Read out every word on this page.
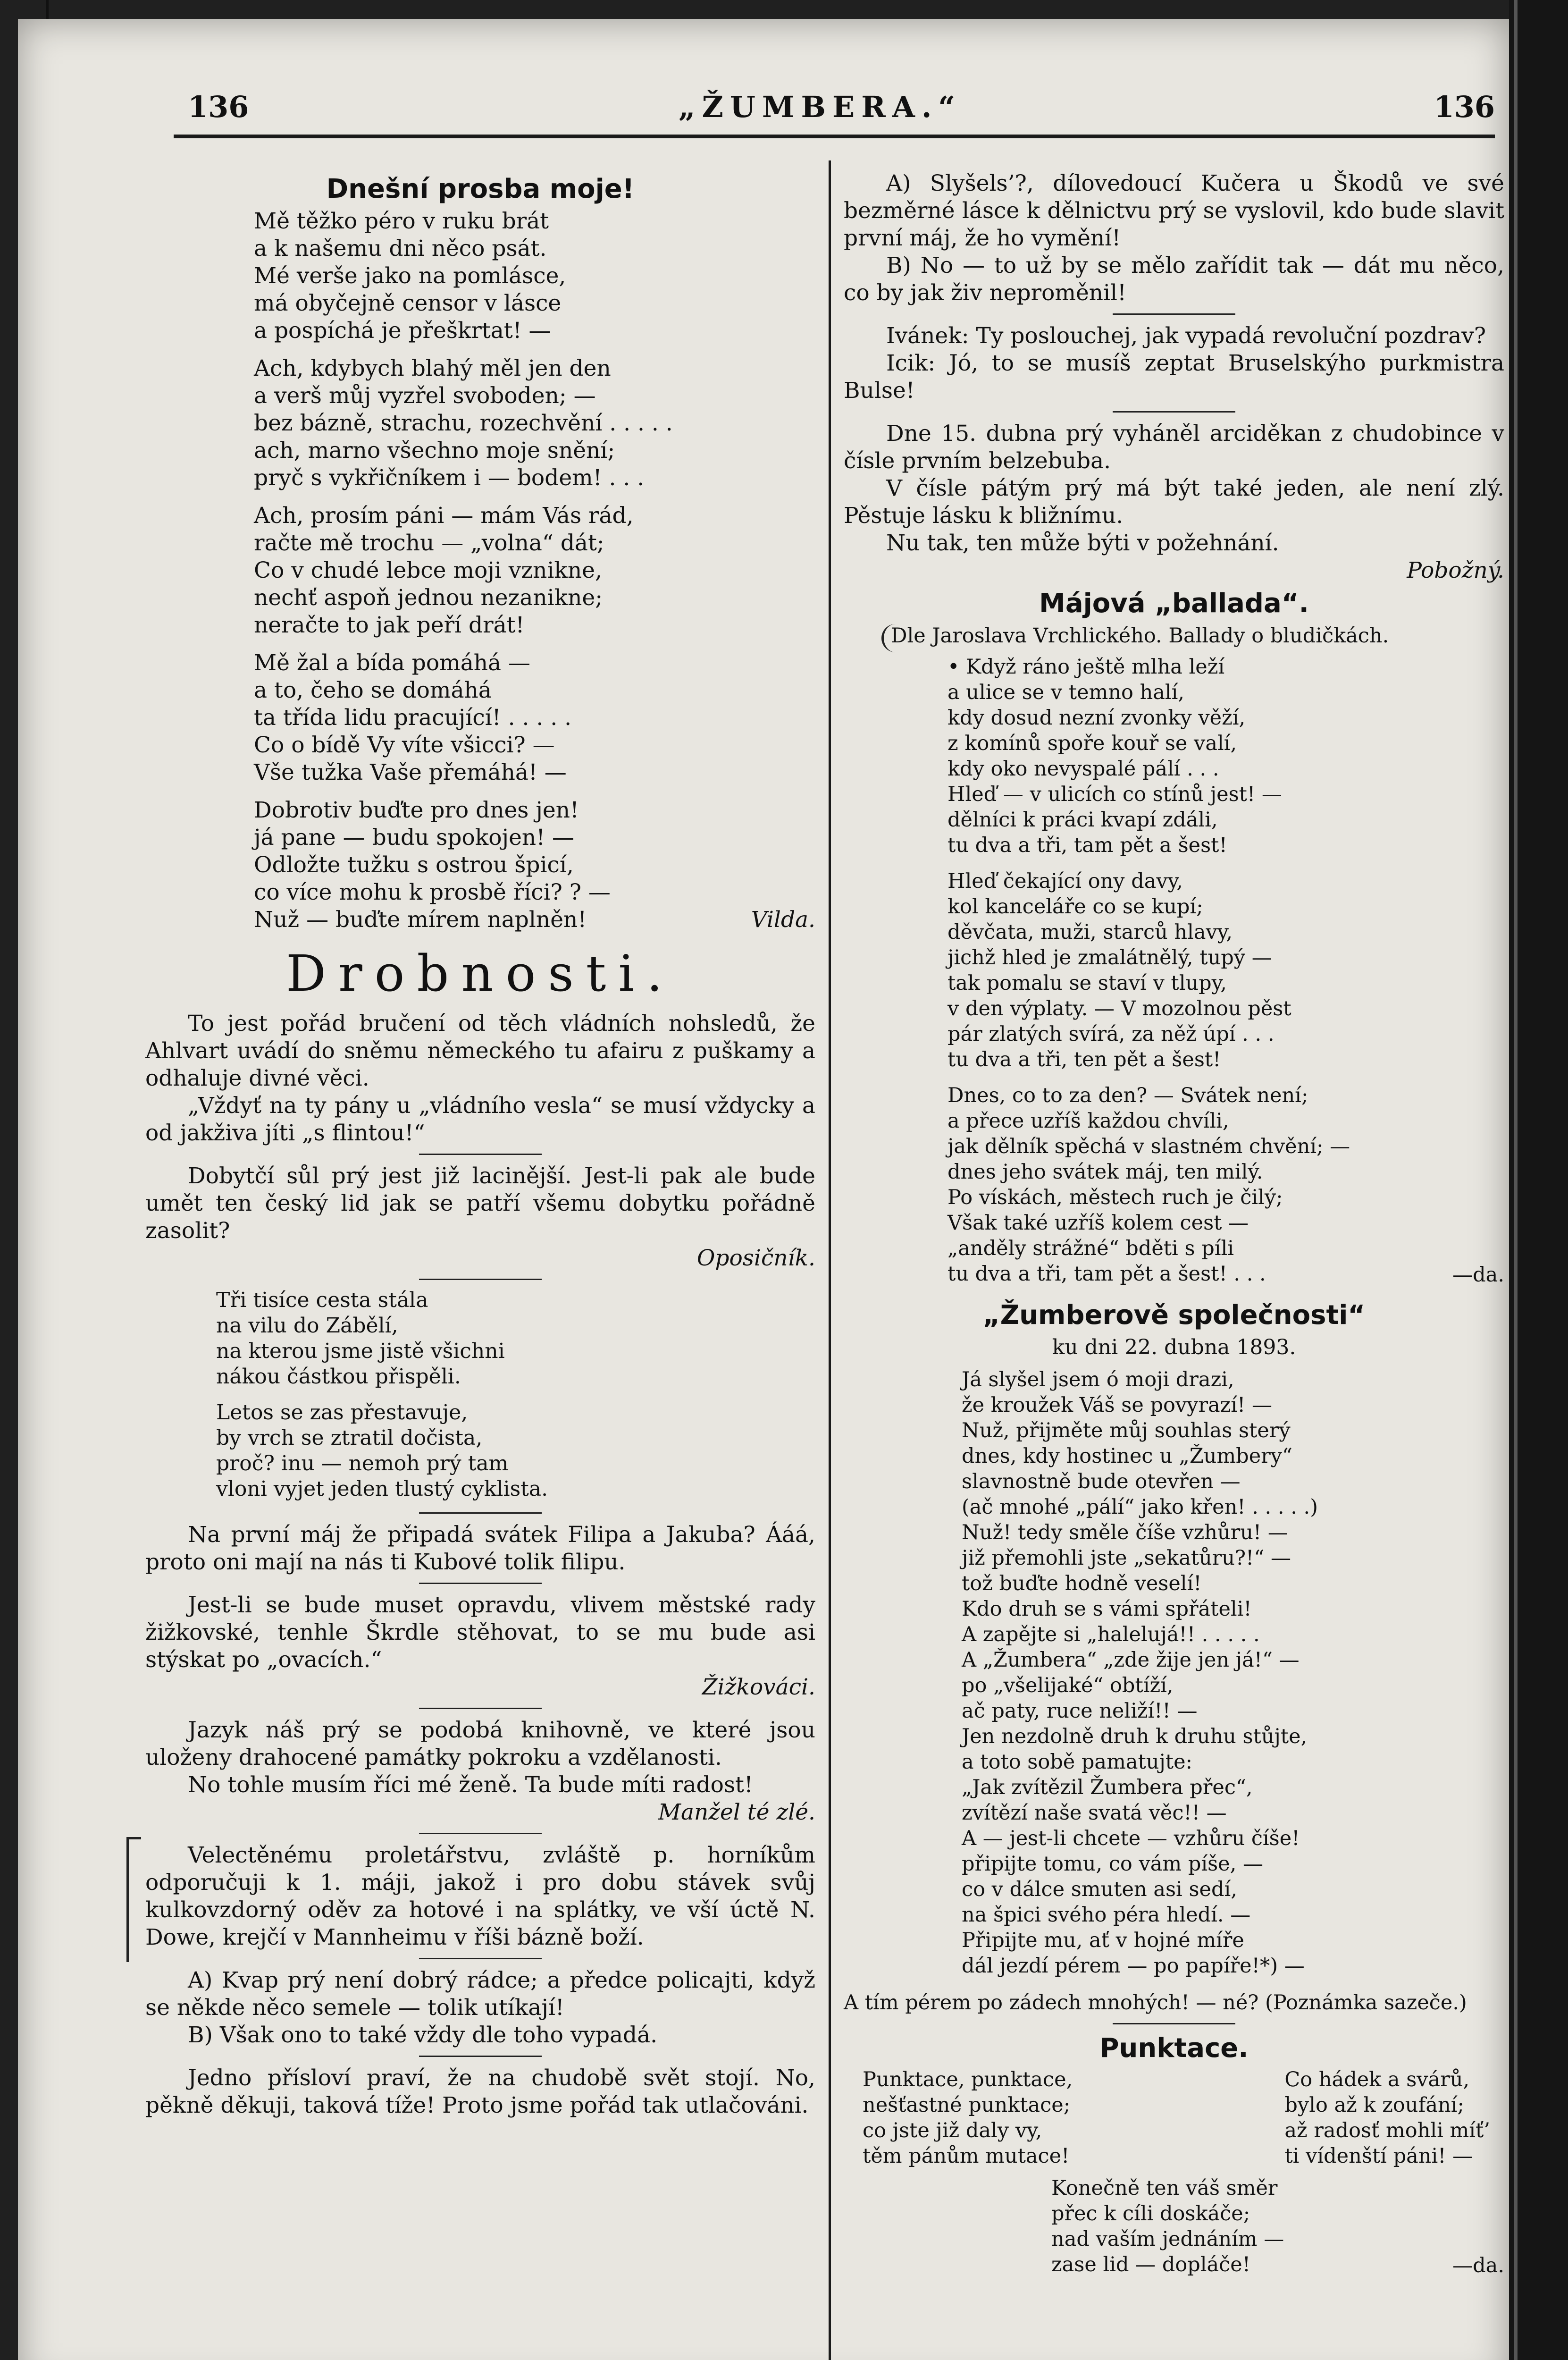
136	„ŽUMBERA.“	136
Dnešní prosba moje!
Mě těžko péro v ruku brát
a k našemu dni něco psát.
Mé verše jako na pomlásce,
má obyčejně censor v lásce
a pospíchá je přeškrtat! —
Ach, kdybych blahý měl jen den
a verš můj vyzřel svoboden; —
bez bázně, strachu, rozechvění . . . . .
ach, marno všechno moje snění;
pryč s vykřičníkem i — bodem! . . .
Ach, prosím páni — mám Vás rád,
račte mě trochu — „volna“ dát;
Co v chudé lebce moji vznikne,
nechť aspoň jednou nezanikne;
neračte to jak peří drát!
Mě žal a bída pomáhá —
a to, čeho se domáhá
ta třída lidu pracující! . . . . .
Co o bídě Vy víte všicci? —
Vše tužka Vaše přemáhá! —
Dobrotiv buďte pro dnes jen!
já pane — budu spokojen! —
Odložte tužku s ostrou špicí,
co více mohu k prosbě říci? ? —
Nuž — buďte mírem naplněn!	Vilda.
Drobnosti.

To jest pořád bručení od těch vládních nohsledů, že Ahlvart uvádí do sněmu německého tu afairu z puškamy a odhaluje divné věci.

„Vždyť na ty pány u „vládního vesla“ se musí vždycky a od jakživa jíti „s flintou!“

Dobytčí sůl prý jest již lacinější. Jest-li pak ale bude umět ten český lid jak se patří všemu dobytku pořádně zasolit?

Oposičník.
Tři tisíce cesta stála
na vilu do Zábělí,
na kterou jsme jistě všichni
nákou částkou přispěli.
Letos se zas přestavuje,
by vrch se ztratil dočista,
proč? inu — nemoh prý tam
vloni vyjet jeden tlustý cyklista.

Na první máj že připadá svátek Filipa a Jakuba? Ááá, proto oni mají na nás ti Kubové tolik filipu.

Jest-li se bude muset opravdu, vlivem městské rady žižkovské, tenhle Škrdle stěhovat, to se mu bude asi stýskat po „ovacích.“

Žižkováci.

Jazyk náš prý se podobá knihovně, ve které jsou uloženy drahocené památky pokroku a vzdělanosti.

No tohle musím říci mé ženě. Ta bude míti radost!

Manžel té zlé.

Velectěnému proletářstvu, zvláště p. horníkům odporučuji k 1. máji, jakož i pro dobu stávek svůj kulkovzdorný oděv za hotové i na splátky, ve vší úctě N. Dowe, krejčí v Mannheimu v říši bázně boží.

A) Kvap prý není dobrý rádce; a předce policajti, když se někde něco semele — tolik utíkají!

B) Však ono to také vždy dle toho vypadá.

Jedno přísloví praví, že na chudobě svět stojí. No, pěkně děkuji, taková tíže! Proto jsme pořád tak utlačováni.

A) Slyšels’?, dílovedoucí Kučera u Škodů ve své bezměrné lásce k dělnictvu prý se vyslovil, kdo bude slavit první máj, že ho vymění!

B) No — to už by se mělo zařídit tak — dát mu něco, co by jak živ neproměnil!

Ivánek: Ty poslouchej, jak vypadá revoluční pozdrav?

Icik: Jó, to se musíš zeptat Bruselskýho purkmistra Bulse!

Dne 15. dubna prý vyháněl arciděkan z chudobince v čísle prvním belzebuba.

V čísle pátým prý má být také jeden, ale není zlý. Pěstuje lásku k bližnímu.

Nu tak, ten může býti v požehnání.

Pobožný.
Májová „ballada“.
Dle Jaroslava Vrchlického. Ballady o bludičkách.
• Když ráno ještě mlha leží
a ulice se v temno halí,
kdy dosud nezní zvonky věží,
z komínů spoře kouř se valí,
kdy oko nevyspalé pálí . . .
Hleď — v ulicích co stínů jest! —
dělníci k práci kvapí zdáli,
tu dva a tři, tam pět a šest!
Hleď čekající ony davy,
kol kanceláře co se kupí;
děvčata, muži, starců hlavy,
jichž hled je zmalátnělý, tupý —
tak pomalu se staví v tlupy,
v den výplaty. — V mozolnou pěst
pár zlatých svírá, za něž úpí . . .
tu dva a tři, ten pět a šest!
Dnes, co to za den? — Svátek není;
a přece uzříš každou chvíli,
jak dělník spěchá v slastném chvění; —
dnes jeho svátek máj, ten milý.
Po vískách, městech ruch je čilý;
Však také uzříš kolem cest —
„anděly strážné“ bděti s píli
tu dva a tři, tam pět a šest! . . .	—da.
„Žumberově společnosti“
ku dni 22. dubna 1893.
Já slyšel jsem ó moji drazi,
že kroužek Váš se povyrazí! —
Nuž, přijměte můj souhlas sterý
dnes, kdy hostinec u „Žumbery“
slavnostně bude otevřen —
(ač mnohé „pálí“ jako křen! . . . . .)
Nuž! tedy směle číše vzhůru! —
již přemohli jste „sekatůru?!“ —
tož buďte hodně veselí!
Kdo druh se s vámi spřáteli!
A zapějte si „halelujá!! . . . . .
A „Žumbera“ „zde žije jen já!“ —
po „všelijaké“ obtíží,
ač paty, ruce neliží!! —
Jen nezdolně druh k druhu stůjte,
a toto sobě pamatujte:
„Jak zvítězil Žumbera přec“,
zvítězí naše svatá věc!! —
A — jest-li chcete — vzhůru číše!
připijte tomu, co vám píše, —
co v dálce smuten asi sedí,
na špici svého péra hledí. —
Připijte mu, ať v hojné míře
dál jezdí pérem — po papíře!*) —
A tím pérem po zádech mnohých! — né? (Poznámka sazeče.)
Punktace.
Punktace, punktace,
nešťastné punktace;
co jste již daly vy,
těm pánům mutace!
Co hádek a svárů,
bylo až k zoufání;
až radosť mohli míť’
ti vídenští páni! —
Konečně ten váš směr
přec k cíli doskáče;
nad vaším jednáním —
zase lid — dopláče!	—da.
